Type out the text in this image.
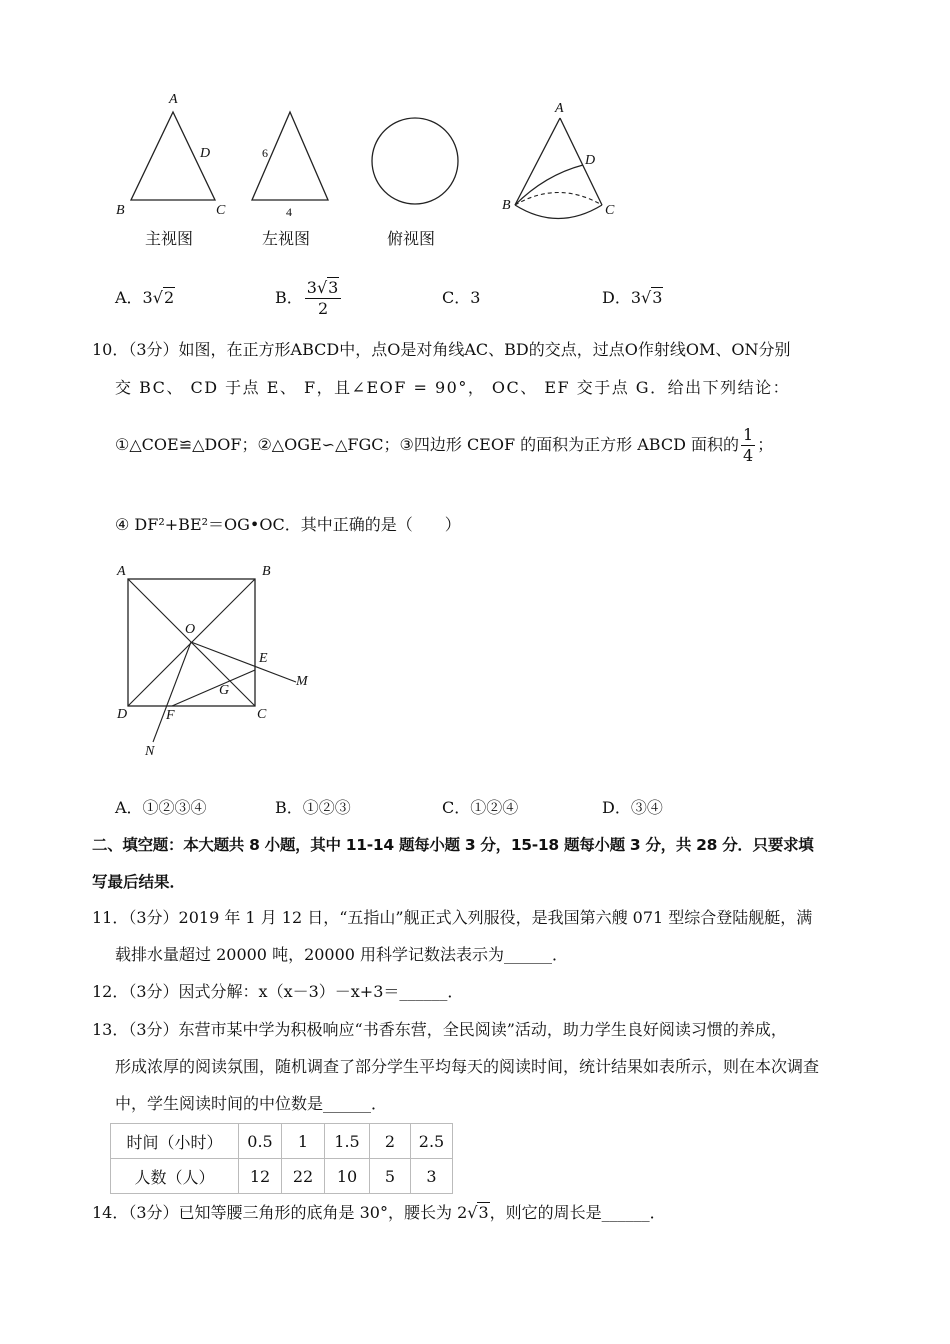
A
D
B	C
6
4
A
D
B	C
主视图	左视图	俯视图
A．3√2	B． $\frac{3√3}{2}$	C．3	D．3√3
10．（3分）如图，在正方形ABCD中，点O是对角线AC、BD的交点，过点O作射线OM、ON分别
交 BC、 CD 于点 E、 F，且∠EOF = 90°， OC、 EF 交于点 G．给出下列结论：
①△COE≌△DOF；②△OGE∽△FGC；③四边形 CEOF 的面积为正方形 ABCD 面积的 $\frac{1}{4}$ ；
④ DF²+BE²＝OG•OC．其中正确的是（　　）
A	B
D	C
O
E
G
F
M
N
A．①②③④	B．①②③	C．①②④	D．③④
二、填空题：本大题共 8 小题，其中 11-14 题每小题 3 分，15-18 题每小题 3 分，共 28 分．只要求填
写最后结果．
11．（3分）2019 年 1 月 12 日，“五指山”舰正式入列服役，是我国第六艘 071 型综合登陆舰艇，满
载排水量超过 20000 吨，20000 用科学记数法表示为______．
12．（3分）因式分解：x（x－3）－x+3＝______．
13．（3分）东营市某中学为积极响应“书香东营，全民阅读”活动，助力学生良好阅读习惯的养成，
形成浓厚的阅读氛围，随机调查了部分学生平均每天的阅读时间，统计结果如表所示，则在本次调查
中，学生阅读时间的中位数是______．
时间（小时）	0.5	1	1.5	2	2.5
人数（人）	12	22	10	5	3
14．（3分）已知等腰三角形的底角是 30°，腰长为 2√3，则它的周长是______．
